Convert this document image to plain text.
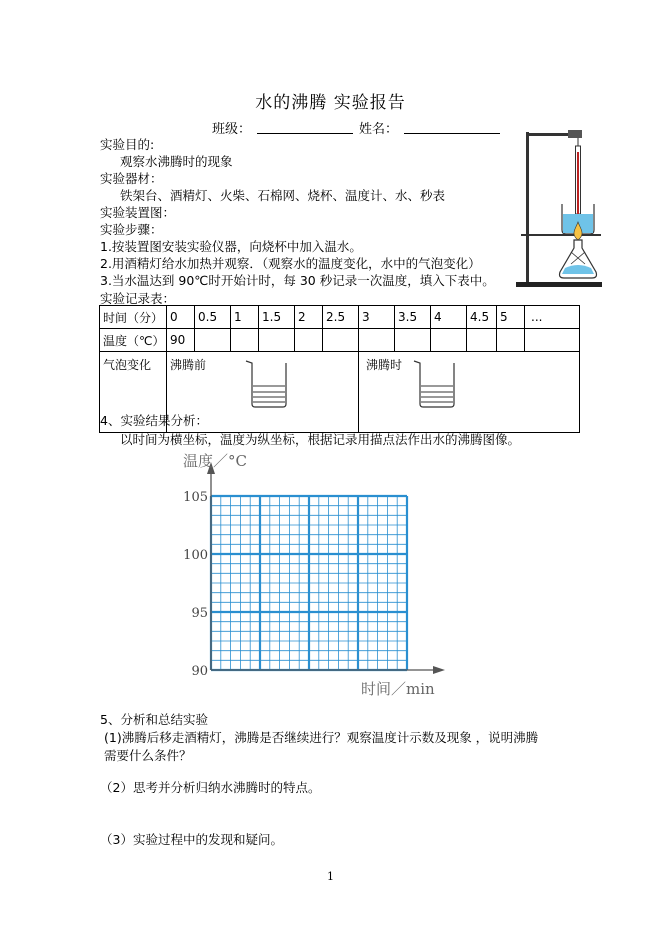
水的沸腾 实验报告
班级：	姓名：
实验目的:
观察水沸腾时的现象
实验器材：
铁架台、酒精灯、火柴、石棉网、烧杯、温度计、水、秒表
实验装置图：
实验步骤：
1.按装置图安装实验仪器，向烧杯中加入温水。
2.用酒精灯给水加热并观察．（观察水的温度变化，水中的气泡变化）
3.当水温达到 90℃时开始计时，每 30 秒记录一次温度，填入下表中。
实验记录表：
时间（分）	0	0.5	1	1.5	2	2.5	3	3.5	4	4.5	5	...
温度（℃）	90											
气泡变化	沸腾前						沸腾时					
4、实验结果分析：
以时间为横坐标，温度为纵坐标，根据记录用描点法作出水的沸腾图像。
105
100
95
90
温度／°C
时间／min
5、分析和总结实验
(1)沸腾后移走酒精灯，沸腾是否继续进行？观察温度计示数及现象 ，说明沸腾
需要什么条件？
（2）思考并分析归纳水沸腾时的特点。
（3）实验过程中的发现和疑问。
1
